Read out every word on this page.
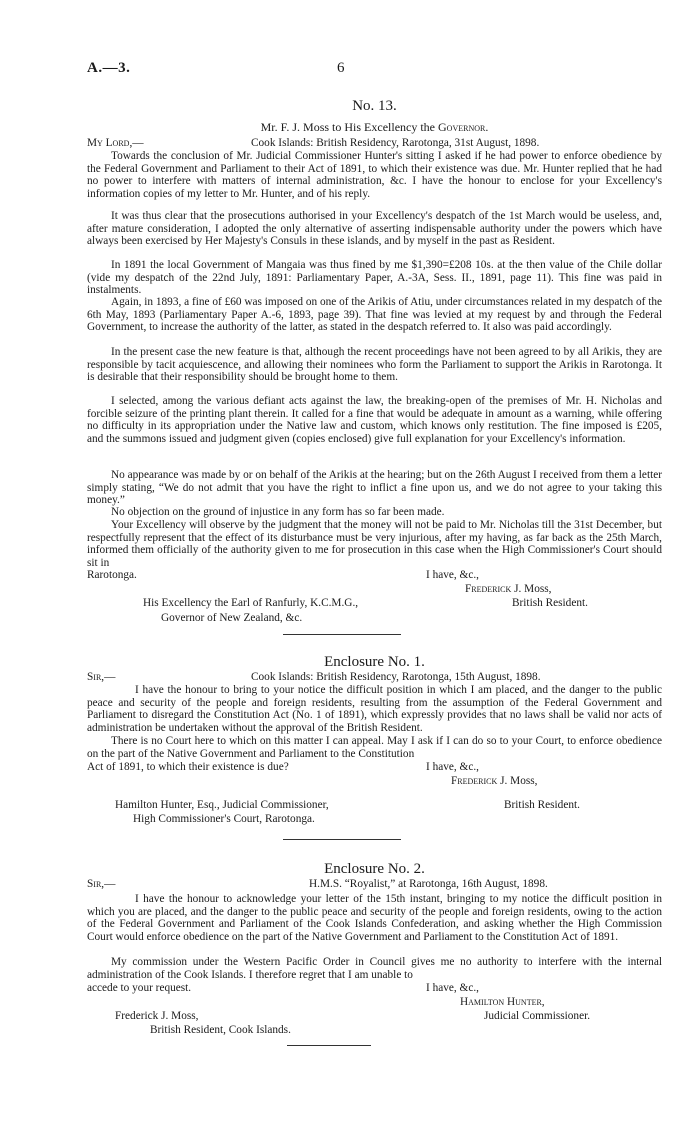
A.—3.	6
No. 13.
Mr. F. J. Moss to His Excellency the Governor.
My Lord,—	Cook Islands: British Residency, Rarotonga, 31st August, 1898.

Towards the conclusion of Mr. Judicial Commissioner Hunter's sitting I asked if he had power to enforce obedience by the Federal Government and Parliament to their Act of 1891, to which their existence was due. Mr. Hunter replied that he had no power to interfere with matters of internal administration, &c. I have the honour to enclose for your Excellency's information copies of my letter to Mr. Hunter, and of his reply.

It was thus clear that the prosecutions authorised in your Excellency's despatch of the 1st March would be useless, and, after mature consideration, I adopted the only alternative of asserting indispensable authority under the powers which have always been exercised by Her Majesty's Consuls in these islands, and by myself in the past as Resident.

In 1891 the local Government of Mangaia was thus fined by me $1,390=£208 10s. at the then value of the Chile dollar (vide my despatch of the 22nd July, 1891: Parliamentary Paper, A.-3A, Sess. II., 1891, page 11). This fine was paid in instalments.

Again, in 1893, a fine of £60 was imposed on one of the Arikis of Atiu, under circumstances related in my despatch of the 6th May, 1893 (Parliamentary Paper A.-6, 1893, page 39). That fine was levied at my request by and through the Federal Government, to increase the authority of the latter, as stated in the despatch referred to. It also was paid accordingly.

In the present case the new feature is that, although the recent proceedings have not been agreed to by all Arikis, they are responsible by tacit acquiescence, and allowing their nominees who form the Parliament to support the Arikis in Rarotonga. It is desirable that their responsibility should be brought home to them.

I selected, among the various defiant acts against the law, the breaking-open of the premises of Mr. H. Nicholas and forcible seizure of the printing plant therein. It called for a fine that would be adequate in amount as a warning, while offering no difficulty in its appropriation under the Native law and custom, which knows only restitution. The fine imposed is £205, and the summons issued and judgment given (copies enclosed) give full explanation for your Excellency's information.

No appearance was made by or on behalf of the Arikis at the hearing; but on the 26th August I received from them a letter simply stating, “We do not admit that you have the right to inflict a fine upon us, and we do not agree to your taking this money.”

No objection on the ground of injustice in any form has so far been made.

Your Excellency will observe by the judgment that the money will not be paid to Mr. Nicholas till the 31st December, but respectfully represent that the effect of its disturbance must be very injurious, after my having, as far back as the 25th March, informed them officially of the authority given to me for prosecution in this case when the High Commissioner's Court should sit in

Rarotonga.	I have, &c.,
Frederick J. Moss,
His Excellency the Earl of Ranfurly, K.C.M.G.,	British Resident.
Governor of New Zealand, &c.
Enclosure No. 1.
Sir,—	Cook Islands: British Residency, Rarotonga, 15th August, 1898.

I have the honour to bring to your notice the difficult position in which I am placed, and the danger to the public peace and security of the people and foreign residents, resulting from the assumption of the Federal Government and Parliament to disregard the Constitution Act (No. 1 of 1891), which expressly provides that no laws shall be valid nor acts of administration be undertaken without the approval of the British Resident.

There is no Court here to which on this matter I can appeal. May I ask if I can do so to your Court, to enforce obedience on the part of the Native Government and Parliament to the Constitution

Act of 1891, to which their existence is due?	I have, &c.,
Frederick J. Moss,
Hamilton Hunter, Esq., Judicial Commissioner,	British Resident.
High Commissioner's Court, Rarotonga.
Enclosure No. 2.
Sir,—	H.M.S. “Royalist,” at Rarotonga, 16th August, 1898.

I have the honour to acknowledge your letter of the 15th instant, bringing to my notice the difficult position in which you are placed, and the danger to the public peace and security of the people and foreign residents, owing to the action of the Federal Government and Parliament of the Cook Islands Confederation, and asking whether the High Commission Court would enforce obedience on the part of the Native Government and Parliament to the Constitution Act of 1891.

My commission under the Western Pacific Order in Council gives me no authority to interfere with the internal administration of the Cook Islands. I therefore regret that I am unable to

accede to your request.	I have, &c.,
Hamilton Hunter,
Frederick J. Moss,	Judicial Commissioner.
British Resident, Cook Islands.
